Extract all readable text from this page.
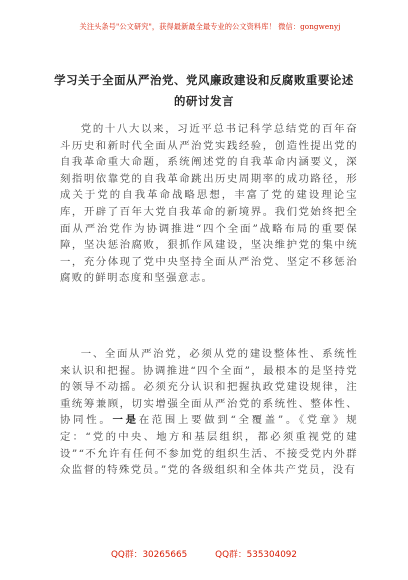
关注头条号"公文研究"，获得最新最全最专业的公文资料库！ 微信：gongwenyj
学习关于全面从严治党、党风廉政建设和反腐败重要论述
的研讨发言
党的十八大以来，习近平总书记科学总结党的百年奋斗历史和新时代全面从严治党实践经验，创造性提出党的自我革命重大命题，系统阐述党的自我革命内涵要义，深刻指明依靠党的自我革命跳出历史周期率的成功路径，形成关于党的自我革命战略思想，丰富了党的建设理论宝库，开辟了百年大党自我革命的新境界。我们党始终把全面从严治党作为协调推进“四个全面”战略布局的重要保障，坚决惩治腐败，狠抓作风建设，坚决维护党的集中统一，充分体现了党中央坚持全面从严治党、坚定不移惩治腐败的鲜明态度和坚强意志。
一、全面从严治党，必须从党的建设整体性、系统性来认识和把握。协调推进“四个全面”，最根本的是坚持党的领导不动摇。必须充分认识和把握执政党建设规律，注重统筹兼顾，切实增强全面从严治党的系统性、整体性、协同性。一是在范围上要做到“全覆盖”。《党章》规定：“党的中央、地方和基层组织，都必须重视党的建设”“不允许有任何不参加党的组织生活、不接受党内外群众监督的特殊党员。”党的各级组织和全体共产党员，没有
QQ群：30265665          QQ群：535304092
